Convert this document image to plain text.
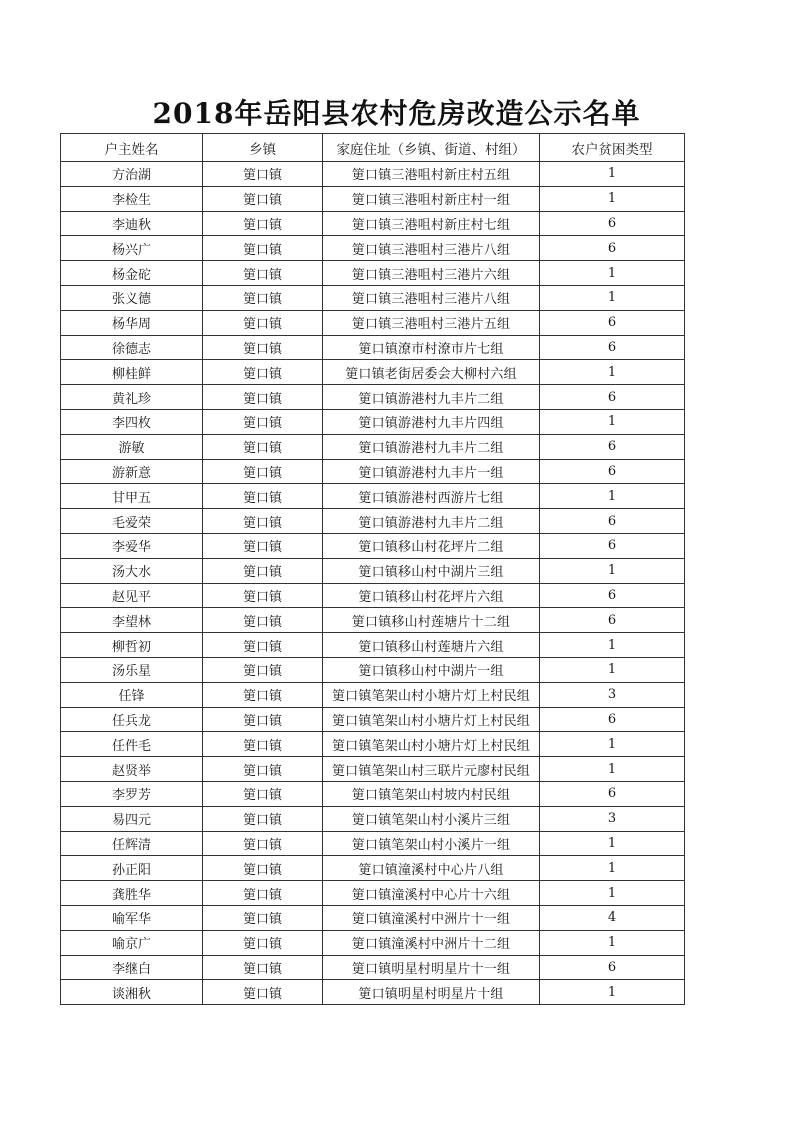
2018年岳阳县农村危房改造公示名单
户主姓名	乡镇	家庭住址（乡镇、街道、村组）	农户贫困类型
方治湖	筻口镇	筻口镇三港咀村新庄村五组	1
李检生	筻口镇	筻口镇三港咀村新庄村一组	1
李迪秋	筻口镇	筻口镇三港咀村新庄村七组	6
杨兴广	筻口镇	筻口镇三港咀村三港片八组	6
杨金砣	筻口镇	筻口镇三港咀村三港片六组	1
张义德	筻口镇	筻口镇三港咀村三港片八组	1
杨华周	筻口镇	筻口镇三港咀村三港片五组	6
徐德志	筻口镇	筻口镇潦市村潦市片七组	6
柳桂鲜	筻口镇	筻口镇老街居委会大柳村六组	1
黄礼珍	筻口镇	筻口镇游港村九丰片二组	6
李四枚	筻口镇	筻口镇游港村九丰片四组	1
游敏	筻口镇	筻口镇游港村九丰片二组	6
游新意	筻口镇	筻口镇游港村九丰片一组	6
甘甲五	筻口镇	筻口镇游港村西游片七组	1
毛爱荣	筻口镇	筻口镇游港村九丰片二组	6
李爱华	筻口镇	筻口镇移山村花坪片二组	6
汤大水	筻口镇	筻口镇移山村中湖片三组	1
赵见平	筻口镇	筻口镇移山村花坪片六组	6
李望林	筻口镇	筻口镇移山村莲塘片十二组	6
柳哲初	筻口镇	筻口镇移山村莲塘片六组	1
汤乐星	筻口镇	筻口镇移山村中湖片一组	1
任锋	筻口镇	筻口镇笔架山村小塘片灯上村民组	3
任兵龙	筻口镇	筻口镇笔架山村小塘片灯上村民组	6
任件毛	筻口镇	筻口镇笔架山村小塘片灯上村民组	1
赵贤举	筻口镇	筻口镇笔架山村三联片元廖村民组	1
李罗芳	筻口镇	筻口镇笔架山村坡内村民组	6
易四元	筻口镇	筻口镇笔架山村小溪片三组	3
任辉清	筻口镇	筻口镇笔架山村小溪片一组	1
孙正阳	筻口镇	筻口镇潼溪村中心片八组	1
龚胜华	筻口镇	筻口镇潼溪村中心片十六组	1
喻军华	筻口镇	筻口镇潼溪村中洲片十一组	4
喻京广	筻口镇	筻口镇潼溪村中洲片十二组	1
李继白	筻口镇	筻口镇明星村明星片十一组	6
谈湘秋	筻口镇	筻口镇明星村明星片十组	1
